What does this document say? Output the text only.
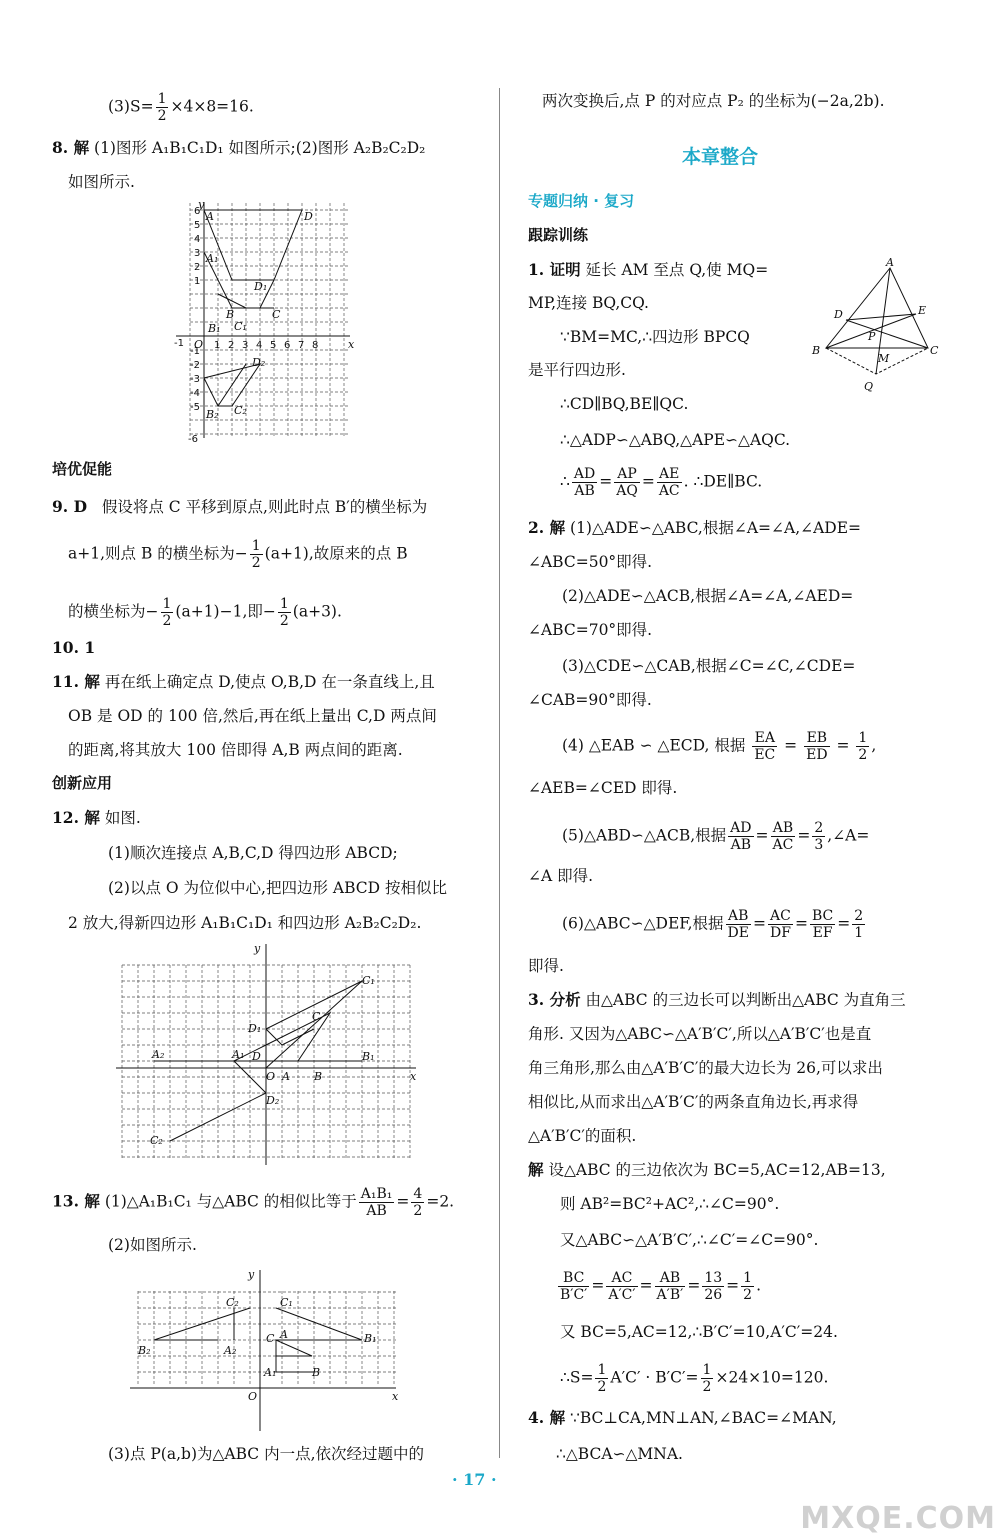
$(3)S= \frac{1}{2} \times 4\times 8=16$.
8. 解 (1)图形 A₁B₁C₁D₁ 如图所示;(2)图形 A₂B₂C₂D₂
如图所示.
y
x
O
A	D
A₁
D₁
B	C
B₁ C₁
D₂
B₂ C₂
-1	1 2 3 4 5 6 7 8
6
5
4
3
2
1
-1
-2
-3
-4
-5
-6
培优促能
9. D 假设将点 C 平移到原点,则此时点 B′的横坐标为
a+1,则点 B 的横坐标为− $\frac{1}{2} (a+1)$,故原来的点 B
的横坐标为− $\frac{1}{2} (a+1)-1$,即− $\frac{1}{2} (a+3)$.
10. 1
11. 解 再在纸上确定点 D,使点 O,B,D 在一条直线上,且
OB 是 OD 的 100 倍,然后,再在纸上量出 C,D 两点间
的距离,将其放大 100 倍即得 A,B 两点间的距离.
创新应用
12. 解 如图.
(1)顺次连接点 A,B,C,D 得四边形 ABCD;
(2)以点 O 为位似中心,把四边形 ABCD 按相似比
2 放大,得新四边形 A₁B₁C₁D₁ 和四边形 A₂B₂C₂D₂.
y
x
O A B
C
D
A₁	B₁
C₁
D₁
A₂
C₂
D₂
13. 解 (1)△A₁B₁C₁ 与△ABC 的相似比等于 $\frac{\text{A₁B₁}}{AB} = \frac{4}{2} =2$.
(2)如图所示.
y
x
O
A
B
C
A₁
B₁
C₁
A₂
B₂
C₂
(3)点 P(a,b)为△ABC 内一点,依次经过题中的
两次变换后,点 P 的对应点 P₂ 的坐标为(−2a,2b).
本章整合
专题归纳 · 复习
跟踪训练
1. 证明 延长 AM 至点 Q,使 MQ=
MP,连接 BQ,CQ.
∵BM=MC,∴四边形 BPCQ
是平行四边形.
A
B	C
D	E
P
M
Q
∴CD∥BQ,BE∥QC.
∴△ADP∽△ABQ,△APE∽△AQC.
∴ $\frac{AD}{AB} = \frac{AP}{AQ} = \frac{AE}{AC}$ . ∴DE∥BC.
2. 解 (1)△ADE∽△ABC,根据∠A=∠A,∠ADE=
∠ABC=50°即得.
(2)△ADE∽△ACB,根据∠A=∠A,∠AED=
∠ABC=70°即得.
(3)△CDE∽△CAB,根据∠C=∠C,∠CDE=
∠CAB=90°即得.
(4) △EAB ∽ △ECD, 根据 $\frac{EA}{EC} = \frac{EB}{ED} = \frac{1}{2}$ ,
∠AEB=∠CED 即得.
(5)△ABD∽△ACB,根据 $\frac{AD}{AB} = \frac{AB}{AC} = \frac{2}{3}$ ,∠A=
∠A 即得.
(6)△ABC∽△DEF,根据 $\frac{AB}{DE} = \frac{AC}{DF} = \frac{BC}{EF} = \frac{2}{1}$
即得.
3. 分析 由△ABC 的三边长可以判断出△ABC 为直角三
角形. 又因为△ABC∽△A′B′C′,所以△A′B′C′也是直
角三角形,那么由△A′B′C′的最大边长为 26,可以求出
相似比,从而求出△A′B′C′的两条直角边长,再求得
△A′B′C′的面积.
解 设△ABC 的三边依次为 BC=5,AC=12,AB=13,
则 AB²=BC²+AC²,∴∠C=90°.
又△ABC∽△A′B′C′,∴∠C′=∠C=90°.
$\frac{BC}{B'C'} = \frac{AC}{A'C'} = \frac{AB}{A'B'} = \frac{13}{26} = \frac{1}{2}$ .
又 BC=5,AC=12,∴B′C′=10,A′C′=24.
∴S= $\frac{1}{2} A'C' \cdot B'C'= \frac{1}{2} \times 24\times 10=120$.
4. 解 ∵BC⊥CA,MN⊥AN,∠BAC=∠MAN,
∴△BCA∽△MNA.
· 17 ·
MXQE.COM
